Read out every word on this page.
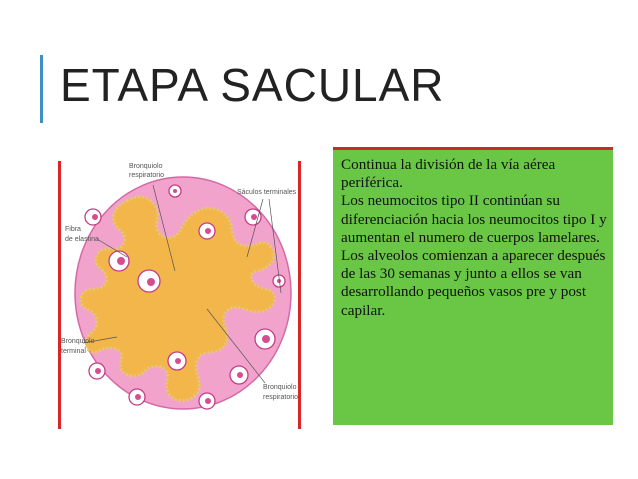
ETAPA SACULAR
Bronquiolo
respiratorio
Sáculos terminales
Fibra
de elastina
Bronquiolo
terminal
Bronquiolo
respiratorio

Continua la división de la vía aérea periférica.
Los neumocitos tipo II continúan su diferenciación hacia los neumocitos tipo I y aumentan el numero de cuerpos lamelares.
Los alveolos comienzan a aparecer después de las 30 semanas y junto a ellos se van desarrollando pequeños vasos pre y post capilar.
